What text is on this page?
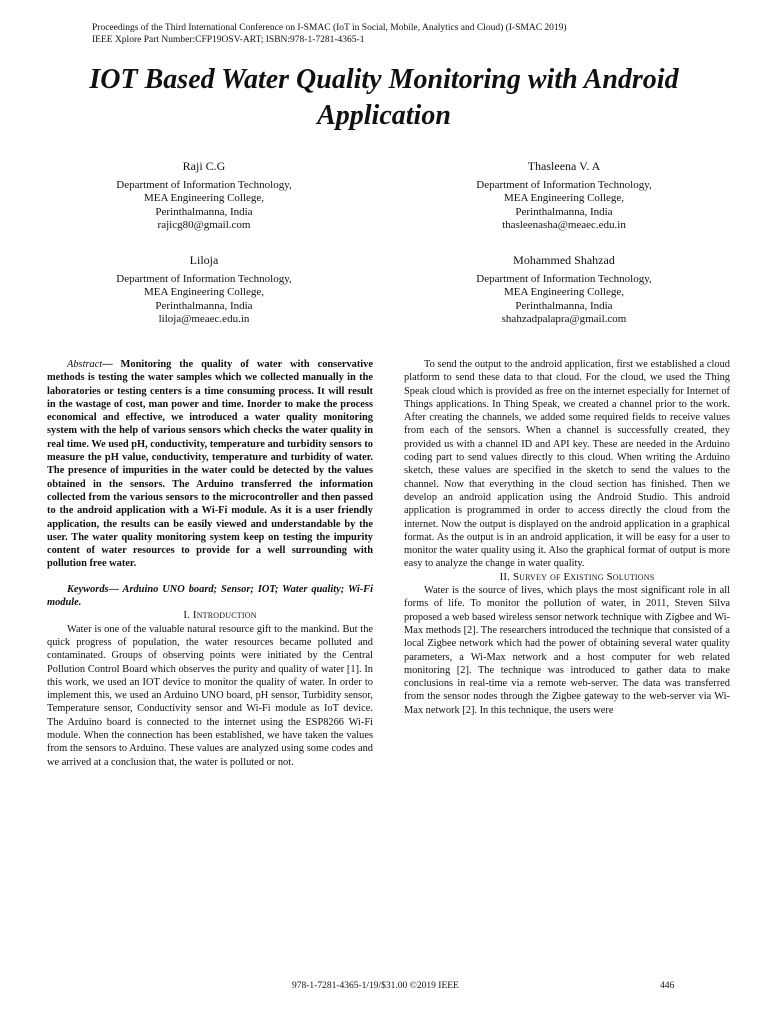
Proceedings of the Third International Conference on I-SMAC (IoT in Social, Mobile, Analytics and Cloud) (I-SMAC 2019)
IEEE Xplore Part Number:CFP19OSV-ART; ISBN:978-1-7281-4365-1
IOT Based Water Quality Monitoring with Android Application
Raji C.G
Department of Information Technology,
MEA Engineering College,
Perinthalmanna, India
rajicg80@gmail.com
Thasleena V. A
Department of Information Technology,
MEA Engineering College,
Perinthalmanna, India
thasleenasha@meaec.edu.in
Liloja
Department of Information Technology,
MEA Engineering College,
Perinthalmanna, India
liloja@meaec.edu.in
Mohammed Shahzad
Department of Information Technology,
MEA Engineering College,
Perinthalmanna, India
shahzadpalapra@gmail.com

Abstract— Monitoring the quality of water with conservative methods is testing the water samples which we collected manually in the laboratories or testing centers is a time consuming process. It will result in the wastage of cost, man power and time. Inorder to make the process economical and effective, we introduced a water quality monitoring system with the help of various sensors which checks the water quality in real time. We used pH, conductivity, temperature and turbidity sensors to measure the pH value, conductivity, temperature and turbidity of water. The presence of impurities in the water could be detected by the values obtained in the sensors. The Arduino transferred the information collected from the various sensors to the microcontroller and then passed to the android application with a Wi-Fi module. As it is a user friendly application, the results can be easily viewed and understandable by the user. The water quality monitoring system keep on testing the impurity content of water resources to provide for a well surrounding with pollution free water.

Keywords— Arduino UNO board; Sensor; IOT; Water quality; Wi-Fi module.

I. Introduction

Water is one of the valuable natural resource gift to the mankind. But the quick progress of population, the water resources became polluted and contaminated. Groups of observing points were initiated by the Central Pollution Control Board which observes the purity and quality of water [1]. In this work, we used an IOT device to monitor the quality of water. In order to implement this, we used an Arduino UNO board, pH sensor, Turbidity sensor, Temperature sensor, Conductivity sensor and Wi-Fi module as IoT device. The Arduino board is connected to the internet using the ESP8266 Wi-Fi module. When the connection has been established, we have taken the values from the sensors to Arduino. These values are analyzed using some codes and we arrived at a conclusion that, the water is polluted or not.

To send the output to the android application, first we established a cloud platform to send these data to that cloud. For the cloud, we used the Thing Speak cloud which is provided as free on the internet especially for Internet of Things applications. In Thing Speak, we created a channel prior to the work. After creating the channels, we added some required fields to receive values from each of the sensors. When a channel is successfully created, they provided us with a channel ID and API key. These are needed in the Arduino coding part to send values directly to this cloud. When writing the Arduino sketch, these values are specified in the sketch to send the values to the channel. Now that everything in the cloud section has finished. Then we develop an android application using the Android Studio. This android application is programmed in order to access directly the cloud from the internet. Now the output is displayed on the android application in a graphical format. As the output is in an android application, it will be easy for a user to monitor the water quality using it. Also the graphical format of output is more easy to analyze the change in water quality.

II. Survey of Existing Solutions

Water is the source of lives, which plays the most significant role in all forms of life. To monitor the pollution of water, in 2011, Steven Silva proposed a web based wireless sensor network technique with Zigbee and Wi-Max methods [2]. The researchers introduced the technique that consisted of a local Zigbee network which had the power of obtaining several water quality parameters, a Wi-Max network and a host computer for web related monitoring [2]. The technique was introduced to gather data to make conclusions in real-time via a remote web-server. The data was transferred from the sensor nodes through the Zigbee gateway to the web-server via Wi-Max network [2]. In this technique, the users were

978-1-7281-4365-1/19/$31.00 ©2019 IEEE	446
